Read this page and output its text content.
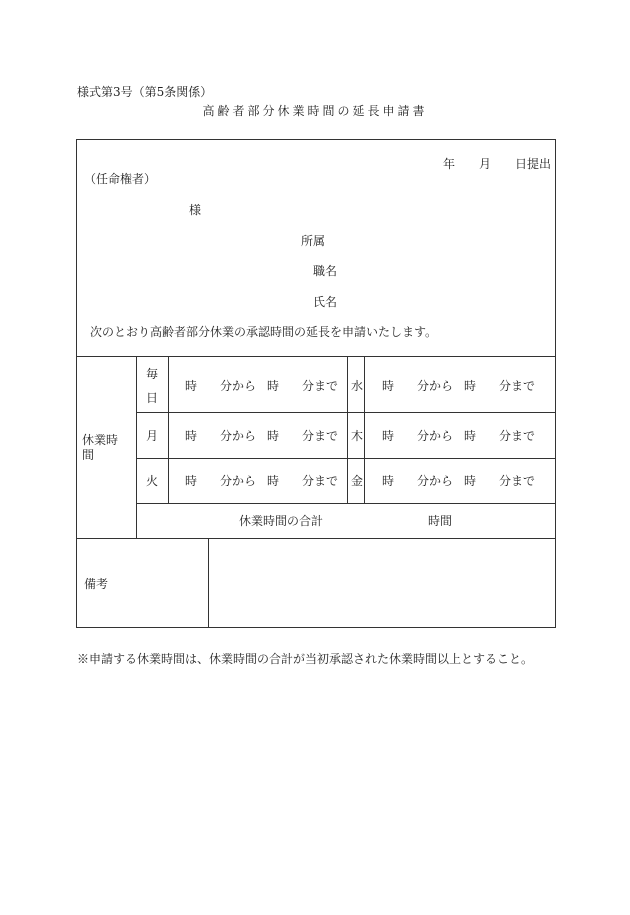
様式第3号（第5条関係）
高齢者部分休業時間の延長申請書
年　　月　　日提出
（任命権者）
様
所属
職名
氏名
次のとおり高齢者部分休業の承認時間の延長を申請いたします。
休業時
間
毎
日
時 分から 時 分まで 水 時 分から 時 分まで
月 時 分から 時 分まで 木 時 分から 時 分まで
火 時 分から 時 分まで 金 時 分から 時 分まで
休業時間の合計	時間
備考
※申請する休業時間は、休業時間の合計が当初承認された休業時間以上とすること。
